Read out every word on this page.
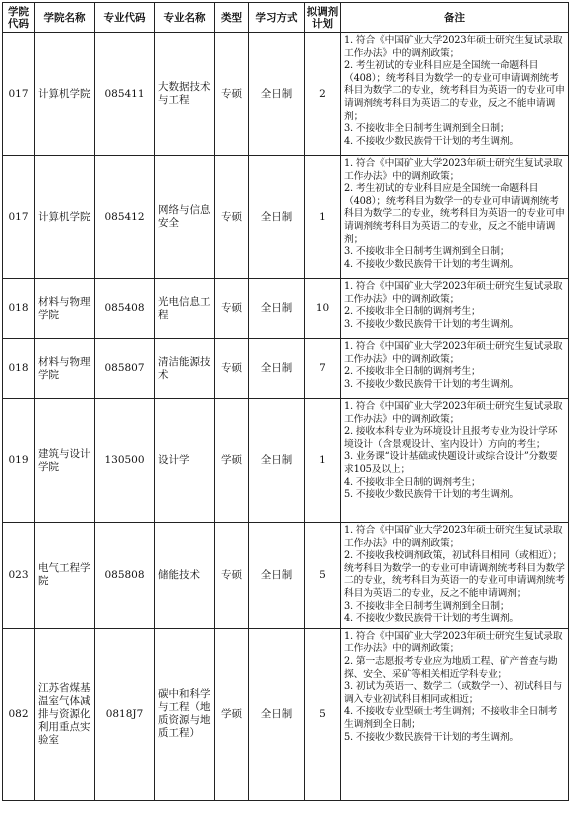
学院代码	学院名称	专业代码	专业名称	类型	学习方式	拟调剂计划	备注
017	计算机学院	085411	大数据技术与工程	专硕	全日制	2	1. 符合《中国矿业大学2023年硕士研究生复试录取工作办法》中的调剂政策；
2. 考生初试的专业科目应是全国统一命题科目（408）；统考科目为数学一的专业可申请调剂统考科目为数学二的专业，统考科目为英语一的专业可申请调剂统考科目为英语二的专业，反之不能申请调剂；
3. 不接收非全日制考生调剂到全日制；
4. 不接收少数民族骨干计划的考生调剂。

017	计算机学院	085412	网络与信息安全	专硕	全日制	1	1. 符合《中国矿业大学2023年硕士研究生复试录取工作办法》中的调剂政策；
2. 考生初试的专业科目应是全国统一命题科目（408）；统考科目为数学一的专业可申请调剂统考科目为数学二的专业，统考科目为英语一的专业可申请调剂统考科目为英语二的专业，反之不能申请调剂；
3. 不接收非全日制考生调剂到全日制；
4. 不接收少数民族骨干计划的考生调剂。

018	材料与物理学院	085408	光电信息工程	专硕	全日制	10	1. 符合《中国矿业大学2023年硕士研究生复试录取工作办法》中的调剂政策；
2. 不接收非全日制的调剂考生；
3. 不接收少数民族骨干计划的考生调剂。

018	材料与物理学院	085807	清洁能源技术	专硕	全日制	7	1. 符合《中国矿业大学2023年硕士研究生复试录取工作办法》中的调剂政策；
2. 不接收非全日制的调剂考生；
3. 不接收少数民族骨干计划的考生调剂。

019	建筑与设计学院	130500	设计学	学硕	全日制	1	1. 符合《中国矿业大学2023年硕士研究生复试录取工作办法》中的调剂政策；
2. 接收本科专业为环境设计且报考专业为设计学环境设计（含景观设计、室内设计）方向的考生；
3. 业务课“设计基础或快题设计或综合设计”分数要求105及以上；
4. 不接收非全日制的调剂考生；
5. 不接收少数民族骨干计划的考生调剂。

023	电气工程学院	085808	储能技术	专硕	全日制	5	1. 符合《中国矿业大学2023年硕士研究生复试录取工作办法》中的调剂政策；
2. 不接收我校调剂政策，初试科目相同（或相近）；统考科目为数学一的专业可申请调剂统考科目为数学二的专业，统考科目为英语一的专业可申请调剂统考科目为英语二的专业，反之不能申请调剂；
3. 不接收非全日制考生调剂到全日制；
4. 不接收少数民族骨干计划的考生调剂。

082	江苏省煤基温室气体减排与资源化利用重点实验室	0818J7	碳中和科学与工程（地质资源与地质工程）	学硕	全日制	5	1. 符合《中国矿业大学2023年硕士研究生复试录取工作办法》中的调剂政策；
2. 第一志愿报考专业应为地质工程、矿产普查与勘探、安全、采矿等相关相近学科专业；
3. 初试为英语一、数学二（或数学一）、初试科目与调入专业初试科目相同或相近；
4. 不接收专业型硕士考生调剂；不接收非全日制考生调剂到全日制；
5. 不接收少数民族骨干计划的考生调剂。
